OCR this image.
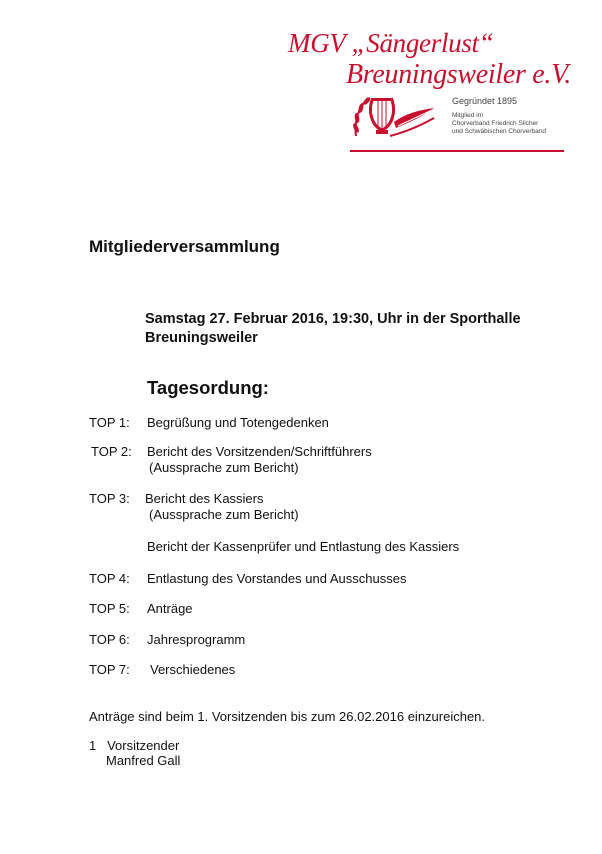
MGV „Sängerlust“
Breuningsweiler e.V.
Gegründet 1895
Mitglied im
Chorverband Friedrich Silcher
und Schwäbischen Chorverband
Mitgliederversammlung
Samstag 27. Februar 2016, 19:30, Uhr in der Sporthalle
Breuningsweiler
Tagesordung:
TOP 1: Begrüßung und Totengedenken
TOP 2: Bericht des Vorsitzenden/Schriftführers
(Aussprache zum Bericht)
TOP 3: Bericht des Kassiers
(Aussprache zum Bericht)
Bericht der Kassenprüfer und Entlastung des Kassiers
TOP 4: Entlastung des Vorstandes und Ausschusses
TOP 5: Anträge
TOP 6: Jahresprogramm
TOP 7: Verschiedenes
Anträge sind beim 1. Vorsitzenden bis zum 26.02.2016 einzureichen.
1   Vorsitzender
Manfred Gall
